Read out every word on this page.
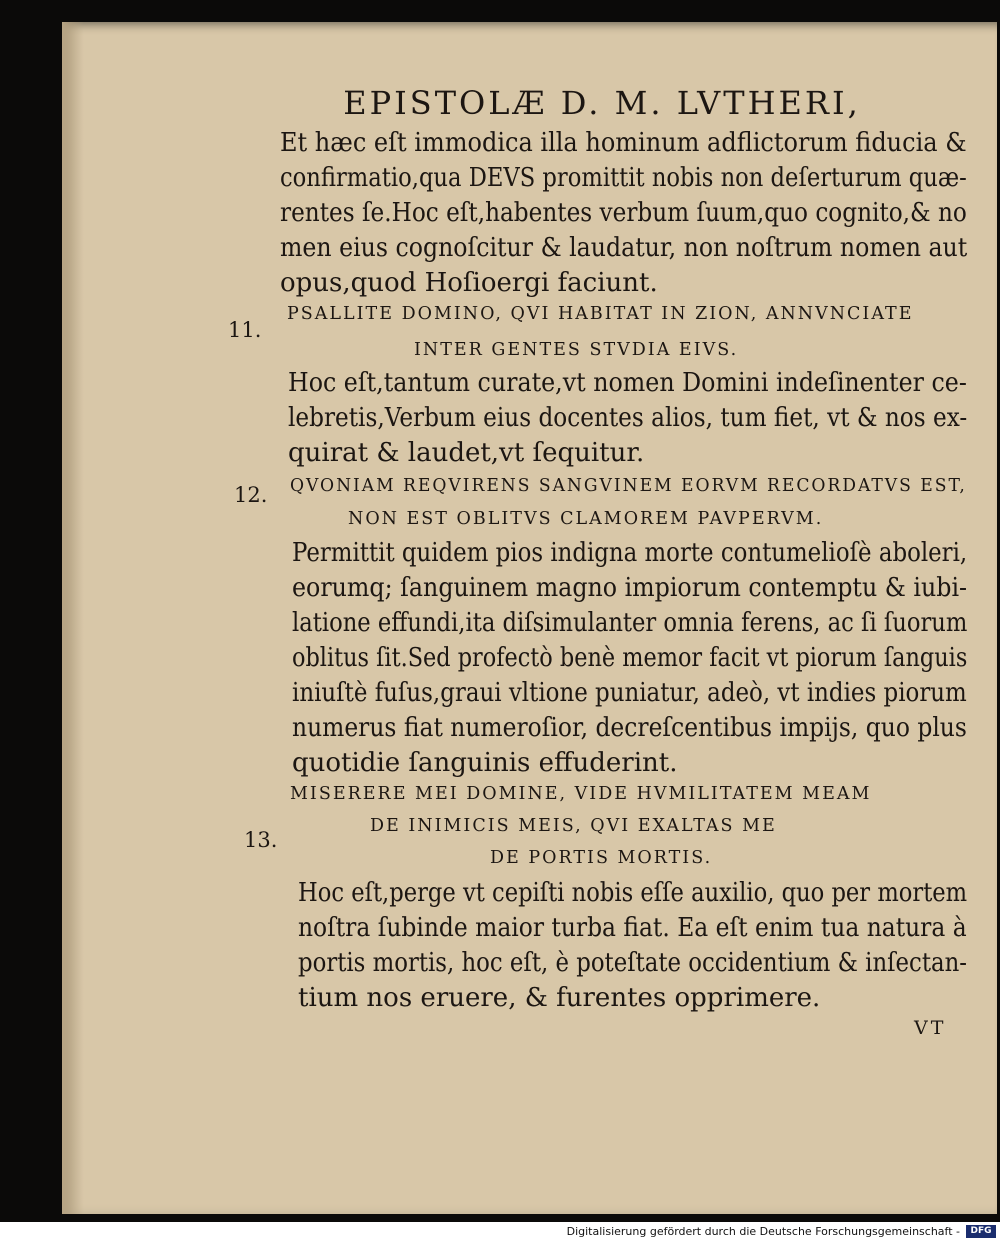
EPISTOLÆ D. M. LVTHERI,
Et hæc eſt immodica illa hominum adflictorum fiducia &
confirmatio,qua DEVS promittit nobis non deſerturum quæ-
rentes ſe.Hoc eſt,habentes verbum ſuum,quo cognito,& no
men eius cognoſcitur & laudatur, non noſtrum nomen aut
opus,quod Hoſioergi faciunt.
11.
PSALLITE DOMINO, QVI HABITAT IN ZION, ANNVNCIATE
INTER GENTES STVDIA EIVS.
Hoc eſt,tantum curate,vt nomen Domini indeſinenter ce-
lebretis,Verbum eius docentes alios, tum fiet, vt & nos ex-
quirat & laudet,vt ſequitur.
12. QVONIAM REQVIRENS SANGVINEM EORVM RECORDATVS EST,
NON EST OBLITVS CLAMOREM PAVPERVM.
Permittit quidem pios indigna morte contumelioſè aboleri,
eorumq; ſanguinem magno impiorum contemptu & iubi-
latione effundi,ita diſsimulanter omnia ferens, ac ſi ſuorum
oblitus ſit.Sed profectò benè memor facit vt piorum ſanguis
iniuſtè fuſus,graui vltione puniatur, adeò, vt indies piorum
numerus fiat numeroſior, decreſcentibus impijs, quo plus
quotidie ſanguinis effuderint.
MISERERE MEI DOMINE, VIDE HVMILITATEM MEAM
13.
DE INIMICIS MEIS, QVI EXALTAS ME
DE PORTIS MORTIS.
Hoc eſt,perge vt cepiſti nobis eſſe auxilio, quo per mortem
noſtra ſubinde maior turba fiat. Ea eſt enim tua natura à
portis mortis, hoc eſt, è poteſtate occidentium & inſectan-
tium nos eruere, & furentes opprimere.
VT
Digitalisierung gefördert durch die Deutsche Forschungsgemeinschaft -	DFG
